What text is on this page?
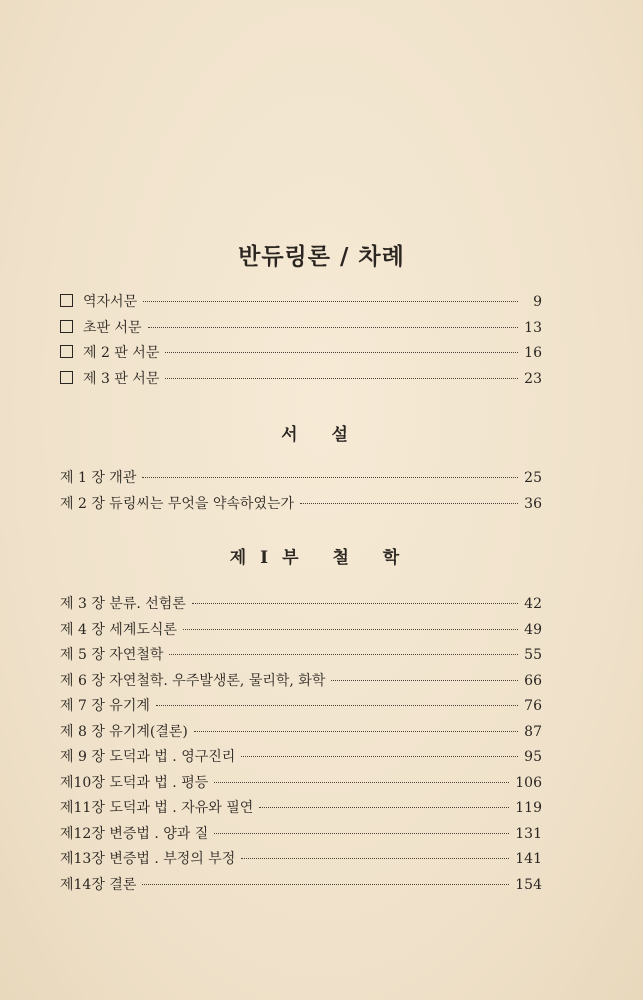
반듀링론 / 차례
역자서문	9
초판 서문	13
제 2 판 서문	16
제 3 판 서문	23
서 설
제 1 장 개관	25
제 2 장 듀링씨는 무엇을 약속하였는가	36
제Ⅰ부 철 학
제 3 장 분류. 선험론	42
제 4 장 세계도식론	49
제 5 장 자연철학	55
제 6 장 자연철학. 우주발생론, 물리학, 화학	66
제 7 장 유기계	76
제 8 장 유기계(결론)	87
제 9 장 도덕과 법 . 영구진리	95
제10장 도덕과 법 . 평등	106
제11장 도덕과 법 . 자유와 필연	119
제12장 변증법 . 양과 질	131
제13장 변증법 . 부정의 부정	141
제14장 결론	154
